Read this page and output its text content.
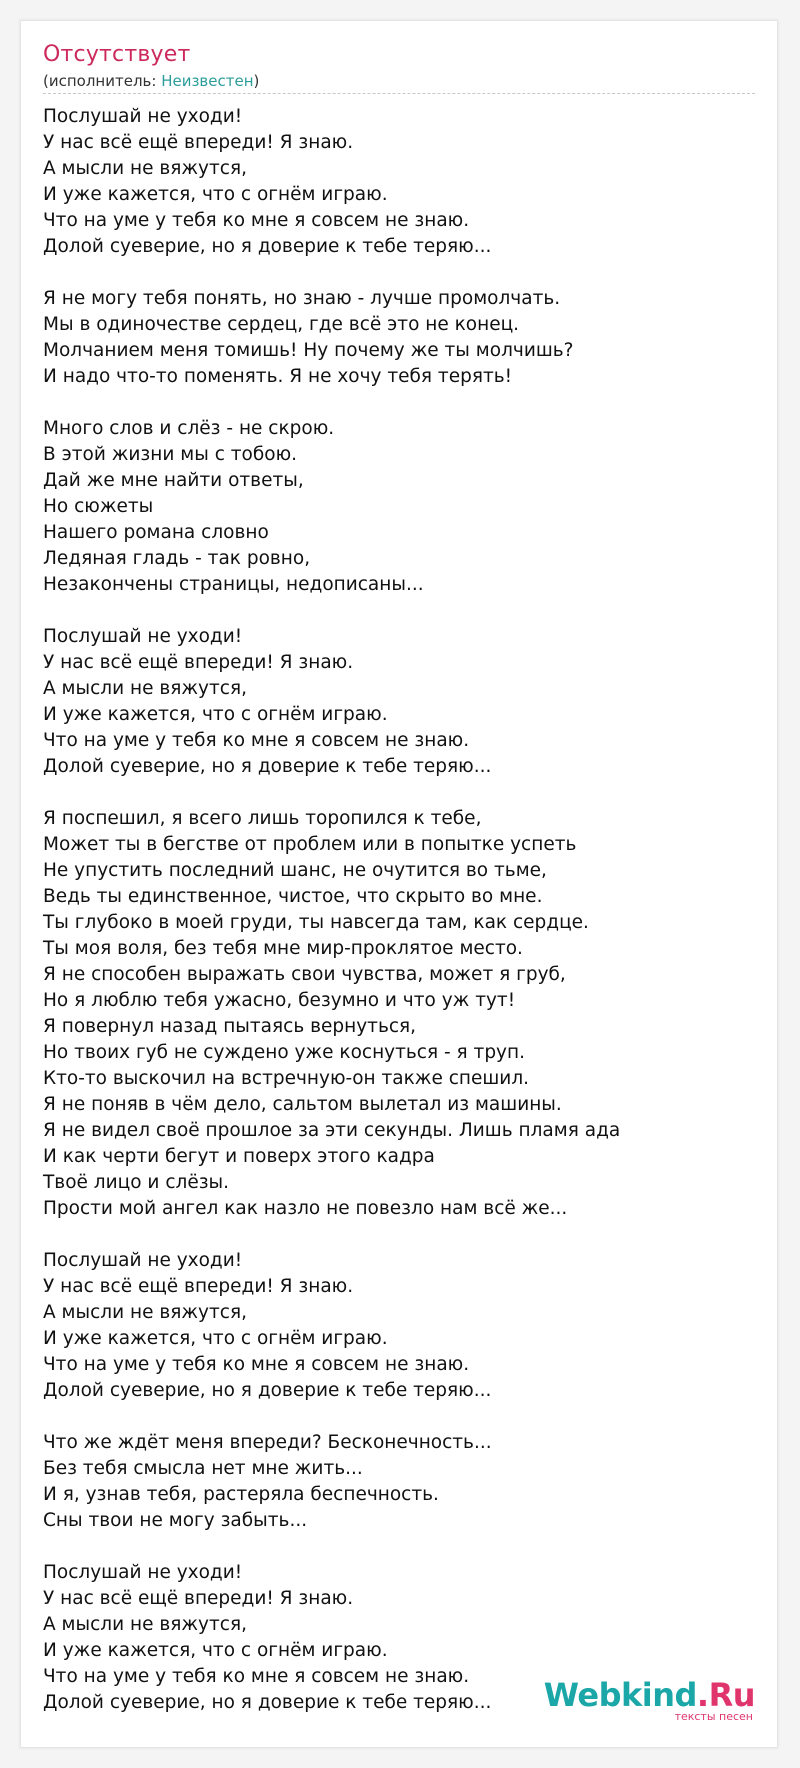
Отсутствует
(исполнитель: Неизвестен)
Послушай не уходи!
У нас всё ещё впереди! Я знаю.
А мысли не вяжутся,
И уже кажется, что с огнём играю.
Что на уме у тебя ко мне я совсем не знаю.
Долой суеверие, но я доверие к тебе теряю...
Я не могу тебя понять, но знаю - лучше промолчать.
Мы в одиночестве сердец, где всё это не конец.
Молчанием меня томишь! Ну почему же ты молчишь?
И надо что-то поменять. Я не хочу тебя терять!
Много слов и слёз - не скрою.
В этой жизни мы с тобою.
Дай же мне найти ответы,
Но сюжеты
Нашего романа словно
Ледяная гладь - так ровно,
Незакончены страницы, недописаны...
Послушай не уходи!
У нас всё ещё впереди! Я знаю.
А мысли не вяжутся,
И уже кажется, что с огнём играю.
Что на уме у тебя ко мне я совсем не знаю.
Долой суеверие, но я доверие к тебе теряю...
Я поспешил, я всего лишь торопился к тебе,
Может ты в бегстве от проблем или в попытке успеть
Не упустить последний шанс, не очутится во тьме,
Ведь ты единственное, чистое, что скрыто во мне.
Ты глубоко в моей груди, ты навсегда там, как сердце.
Ты моя воля, без тебя мне мир-проклятое место.
Я не способен выражать свои чувства, может я груб,
Но я люблю тебя ужасно, безумно и что уж тут!
Я повернул назад пытаясь вернуться,
Но твоих губ не суждено уже коснуться - я труп.
Кто-то выскочил на встречную-он также спешил.
Я не поняв в чём дело, сальтом вылетал из машины.
Я не видел своё прошлое за эти секунды. Лишь пламя ада
И как черти бегут и поверх этого кадра
Твоё лицо и слёзы.
Прости мой ангел как назло не повезло нам всё же...
Послушай не уходи!
У нас всё ещё впереди! Я знаю.
А мысли не вяжутся,
И уже кажется, что с огнём играю.
Что на уме у тебя ко мне я совсем не знаю.
Долой суеверие, но я доверие к тебе теряю...
Что же ждёт меня впереди? Бесконечность...
Без тебя смысла нет мне жить...
И я, узнав тебя, растеряла беспечность.
Сны твои не могу забыть...
Послушай не уходи!
У нас всё ещё впереди! Я знаю.
А мысли не вяжутся,
И уже кажется, что с огнём играю.
Что на уме у тебя ко мне я совсем не знаю.
Долой суеверие, но я доверие к тебе теряю...	Webkind.Ru
тексты песен
